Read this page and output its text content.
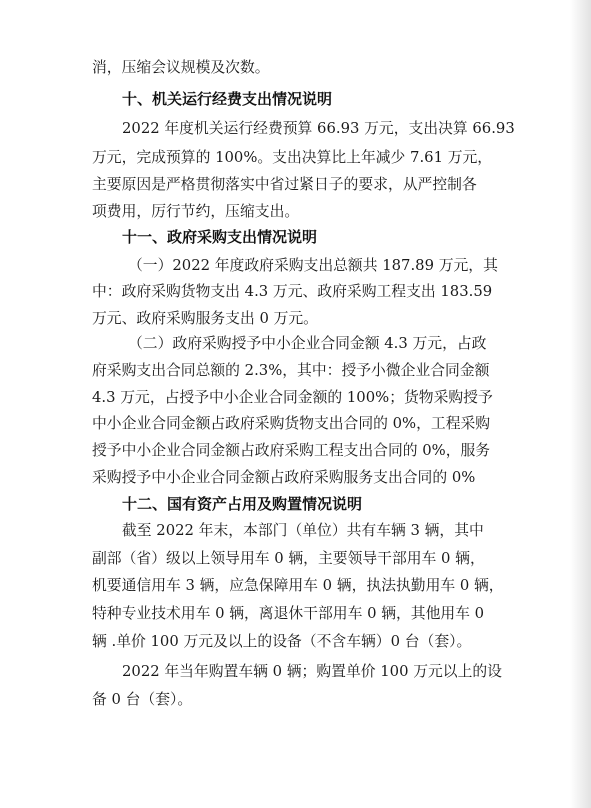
消，压缩会议规模及次数。
十、机关运行经费支出情况说明
2022 年度机关运行经费预算 66.93 万元，支出决算 66.93
万元，完成预算的 100%。支出决算比上年减少 7.61 万元，
主要原因是严格贯彻落实中省过紧日子的要求，从严控制各
项费用，厉行节约，压缩支出。
十一、政府采购支出情况说明
（一）2022 年度政府采购支出总额共 187.89 万元，其
中：政府采购货物支出 4.3 万元、政府采购工程支出 183.59
万元、政府采购服务支出 0 万元。
（二）政府采购授予中小企业合同金额 4.3 万元，占政
府采购支出合同总额的 2.3%，其中：授予小微企业合同金额
4.3 万元，占授予中小企业合同金额的 100%；货物采购授予
中小企业合同金额占政府采购货物支出合同的 0%，工程采购
授予中小企业合同金额占政府采购工程支出合同的 0%，服务
采购授予中小企业合同金额占政府采购服务支出合同的 0%
十二、国有资产占用及购置情况说明
截至 2022 年末，本部门（单位）共有车辆 3 辆，其中
副部（省）级以上领导用车 0 辆，主要领导干部用车 0 辆，
机要通信用车 3 辆，应急保障用车 0 辆，执法执勤用车 0 辆，
特种专业技术用车 0 辆，离退休干部用车 0 辆，其他用车 0
辆 .单价 100 万元及以上的设备（不含车辆）0 台（套）。
2022 年当年购置车辆 0 辆；购置单价 100 万元以上的设
备 0 台（套）。
